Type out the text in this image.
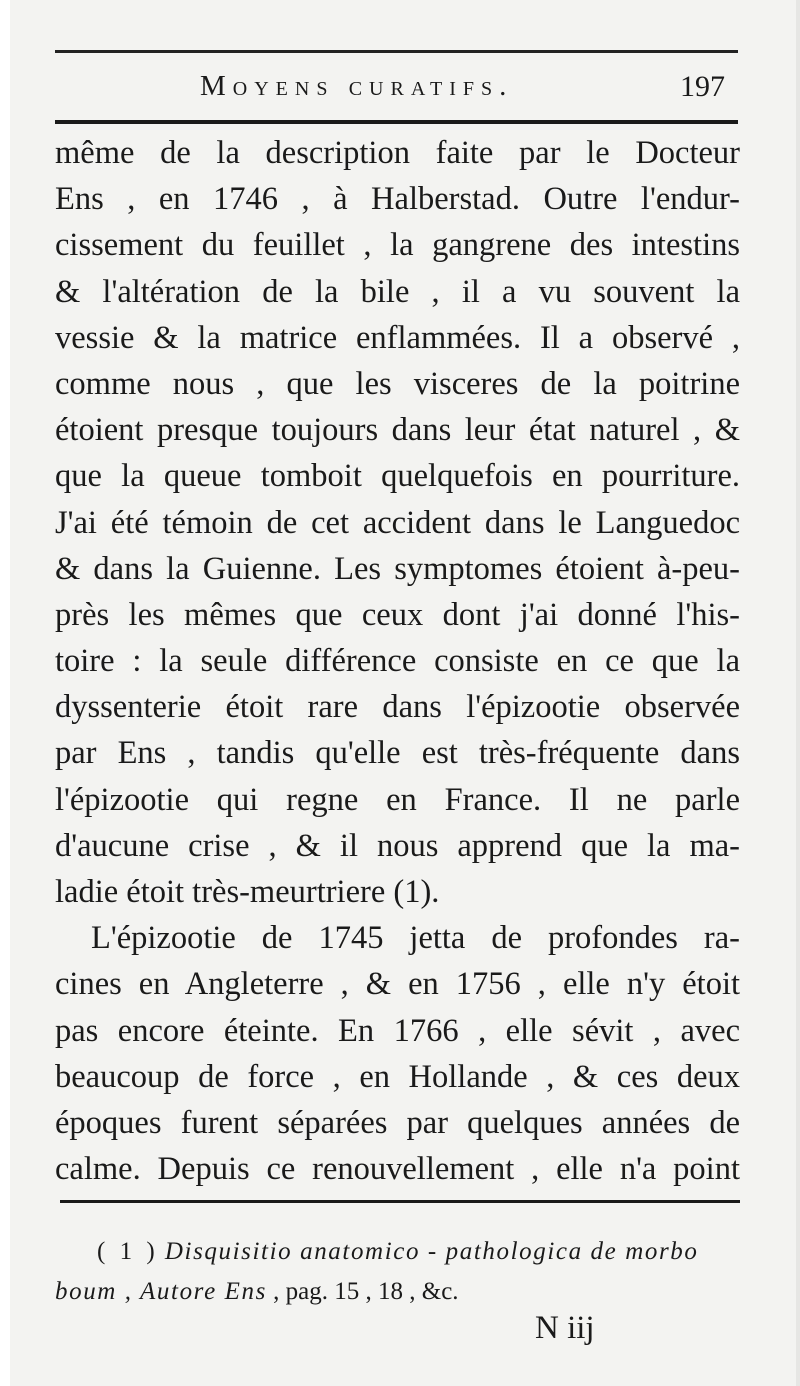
Moyens curatifs.	197
même de la description faite par le Docteur
Ens , en 1746 , à Halberstad. Outre l'endur-
cissement du feuillet , la gangrene des intestins
& l'altération de la bile , il a vu souvent la
vessie & la matrice enflammées. Il a observé ,
comme nous , que les visceres de la poitrine
étoient presque toujours dans leur état naturel , &
que la queue tomboit quelquefois en pourriture.
J'ai été témoin de cet accident dans le Languedoc
& dans la Guienne. Les symptomes étoient à-peu-
près les mêmes que ceux dont j'ai donné l'his-
toire : la seule différence consiste en ce que la
dyssenterie étoit rare dans l'épizootie observée
par Ens , tandis qu'elle est très-fréquente dans
l'épizootie qui regne en France. Il ne parle
d'aucune crise , & il nous apprend que la ma-
ladie étoit très-meurtriere (1).
L'épizootie de 1745 jetta de profondes ra-
cines en Angleterre , & en 1756 , elle n'y étoit
pas encore éteinte. En 1766 , elle sévit , avec
beaucoup de force , en Hollande , & ces deux
époques furent séparées par quelques années de
calme. Depuis ce renouvellement , elle n'a point
( 1 ) Disquisitio anatomico - pathologica de morbo
boum , Autore Ens , pag. 15 , 18 , &c.
N iij
